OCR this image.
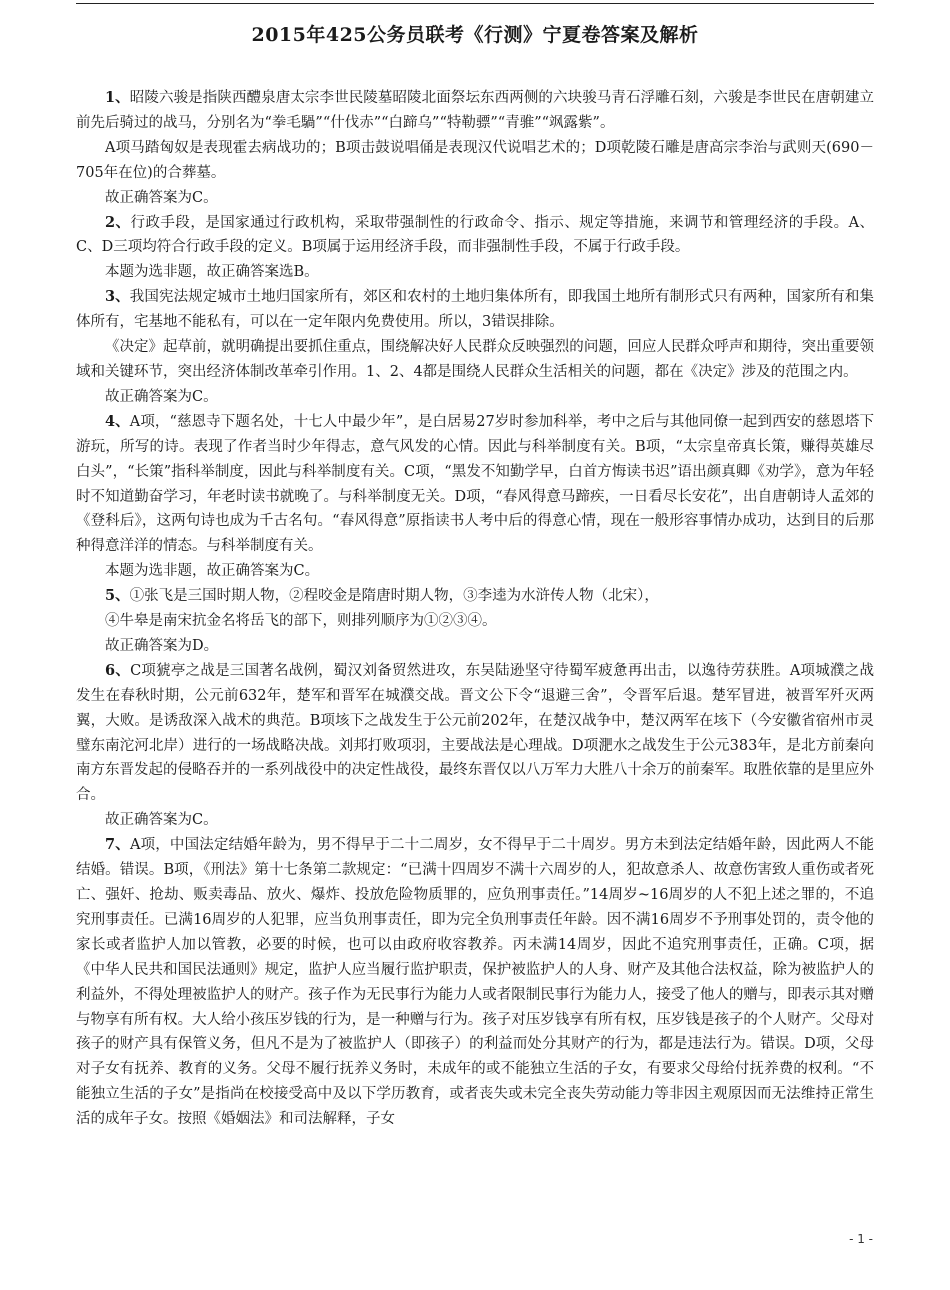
2015年425公务员联考《行测》宁夏卷答案及解析

1、昭陵六骏是指陕西醴泉唐太宗李世民陵墓昭陵北面祭坛东西两侧的六块骏马青石浮雕石刻，六骏是李世民在唐朝建立前先后骑过的战马，分别名为“拳毛騧”“什伐赤”“白蹄乌”“特勒骠”“青骓”“飒露紫”。

A项马踏匈奴是表现霍去病战功的；B项击鼓说唱俑是表现汉代说唱艺术的；D项乾陵石雕是唐高宗李治与武则天(690－705年在位)的合葬墓。

故正确答案为C。

2、行政手段，是国家通过行政机构，采取带强制性的行政命令、指示、规定等措施，来调节和管理经济的手段。A、C、D三项均符合行政手段的定义。B项属于运用经济手段，而非强制性手段，不属于行政手段。

本题为选非题，故正确答案选B。

3、我国宪法规定城市土地归国家所有，郊区和农村的土地归集体所有，即我国土地所有制形式只有两种，国家所有和集体所有，宅基地不能私有，可以在一定年限内免费使用。所以，3错误排除。

《决定》起草前，就明确提出要抓住重点，围绕解决好人民群众反映强烈的问题，回应人民群众呼声和期待，突出重要领域和关键环节，突出经济体制改革牵引作用。1、2、4都是围绕人民群众生活相关的问题，都在《决定》涉及的范围之内。

故正确答案为C。

4、A项，“慈恩寺下题名处，十七人中最少年”，是白居易27岁时参加科举，考中之后与其他同僚一起到西安的慈恩塔下游玩，所写的诗。表现了作者当时少年得志，意气风发的心情。因此与科举制度有关。B项，“太宗皇帝真长策，赚得英雄尽白头”，“长策”指科举制度，因此与科举制度有关。C项，“黑发不知勤学早，白首方悔读书迟”语出颜真卿《劝学》，意为年轻时不知道勤奋学习，年老时读书就晚了。与科举制度无关。D项，“春风得意马蹄疾，一日看尽长安花”，出自唐朝诗人孟郊的《登科后》，这两句诗也成为千古名句。“春风得意”原指读书人考中后的得意心情，现在一般形容事情办成功，达到目的后那种得意洋洋的情态。与科举制度有关。

本题为选非题，故正确答案为C。

5、①张飞是三国时期人物，②程咬金是隋唐时期人物，③李逵为水浒传人物（北宋），

④牛皋是南宋抗金名将岳飞的部下，则排列顺序为①②③④。

故正确答案为D。

6、C项猇亭之战是三国著名战例，蜀汉刘备贸然进攻，东吴陆逊坚守待蜀军疲惫再出击，以逸待劳获胜。A项城濮之战发生在春秋时期，公元前632年，楚军和晋军在城濮交战。晋文公下令“退避三舍”，令晋军后退。楚军冒进，被晋军歼灭两翼，大败。是诱敌深入战术的典范。B项垓下之战发生于公元前202年，在楚汉战争中，楚汉两军在垓下（今安徽省宿州市灵璧东南沱河北岸）进行的一场战略决战。刘邦打败项羽，主要战法是心理战。D项淝水之战发生于公元383年，是北方前秦向南方东晋发起的侵略吞并的一系列战役中的决定性战役，最终东晋仅以八万军力大胜八十余万的前秦军。取胜依靠的是里应外合。

故正确答案为C。

7、A项，中国法定结婚年龄为，男不得早于二十二周岁，女不得早于二十周岁。男方未到法定结婚年龄，因此两人不能结婚。错误。B项，《刑法》第十七条第二款规定：“已满十四周岁不满十六周岁的人，犯故意杀人、故意伤害致人重伤或者死亡、强奸、抢劫、贩卖毒品、放火、爆炸、投放危险物质罪的，应负刑事责任。”14周岁~16周岁的人不犯上述之罪的，不追究刑事责任。已满16周岁的人犯罪，应当负刑事责任，即为完全负刑事责任年龄。因不满16周岁不予刑事处罚的，责令他的家长或者监护人加以管教，必要的时候，也可以由政府收容教养。丙未满14周岁，因此不追究刑事责任，正确。C项，据《中华人民共和国民法通则》规定，监护人应当履行监护职责，保护被监护人的人身、财产及其他合法权益，除为被监护人的利益外，不得处理被监护人的财产。孩子作为无民事行为能力人或者限制民事行为能力人，接受了他人的赠与，即表示其对赠与物享有所有权。大人给小孩压岁钱的行为，是一种赠与行为。孩子对压岁钱享有所有权，压岁钱是孩子的个人财产。父母对孩子的财产具有保管义务，但凡不是为了被监护人（即孩子）的利益而处分其财产的行为，都是违法行为。错误。D项，父母对子女有抚养、教育的义务。父母不履行抚养义务时，未成年的或不能独立生活的子女，有要求父母给付抚养费的权利。“不能独立生活的子女”是指尚在校接受高中及以下学历教育，或者丧失或未完全丧失劳动能力等非因主观原因而无法维持正常生活的成年子女。按照《婚姻法》和司法解释，子女

- 1 -
